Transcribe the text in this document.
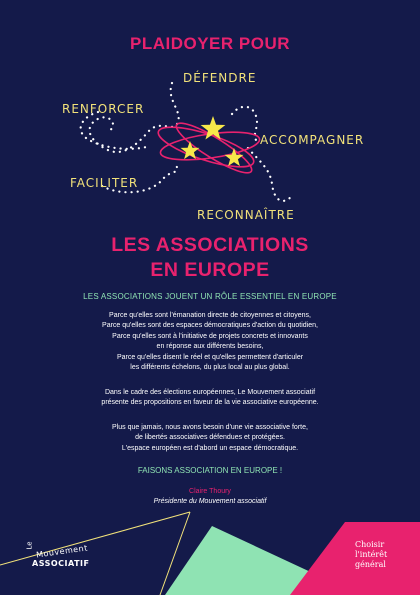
PLAIDOYER POUR
DÉFENDRE
RENFORCER
ACCOMPAGNER
FACILITER
RECONNAÎTRE
LES ASSOCIATIONS
EN EUROPE
LES ASSOCIATIONS JOUENT UN RÔLE ESSENTIEL EN EUROPE
Parce qu'elles sont l'émanation directe de citoyennes et citoyens,
Parce qu'elles sont des espaces démocratiques d'action du quotidien,
Parce qu'elles sont à l'initiative de projets concrets et innovants
en réponse aux différents besoins,
Parce qu'elles disent le réel et qu'elles permettent d'articuler
les différents échelons, du plus local au plus global.
Dans le cadre des élections européennes, Le Mouvement associatif
présente des propositions en faveur de la vie associative européenne.
Plus que jamais, nous avons besoin d'une vie associative forte,
de libertés associatives défendues et protégées.
L'espace européen est d'abord un espace démocratique.
FAISONS ASSOCIATION EN EUROPE !
Claire Thoury
Présidente du Mouvement associatif
Le Mouvement
ASSOCIATIF
Choisir
l'intérêt
général
